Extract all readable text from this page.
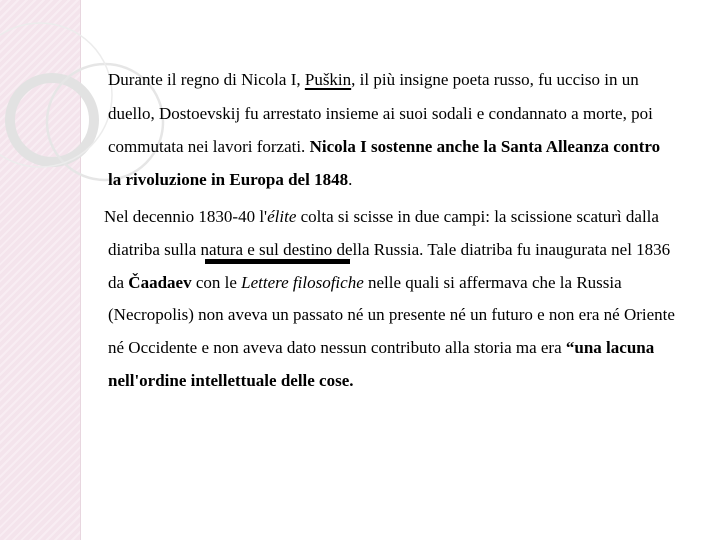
Durante il regno di Nicola I, Puškin, il più insigne poeta russo, fu ucciso in un
duello, Dostoevskij fu arrestato insieme ai suoi sodali e condannato a morte, poi
commutata nei lavori forzati. Nicola I sostenne anche la Santa Alleanza contro
la rivoluzione in Europa del 1848.
Nel decennio 1830-40 l'élite colta si scisse in due campi: la scissione scaturì dalla
diatriba sulla natura e sul destino della Russia. Tale diatriba fu inaugurata nel 1836
da Čaadaev con le Lettere filosofiche nelle quali si affermava che la Russia
(Necropolis) non aveva un passato né un presente né un futuro e non era né Oriente
né Occidente e non aveva dato nessun contributo alla storia ma era “una lacuna
nell'ordine intellettuale delle cose.
